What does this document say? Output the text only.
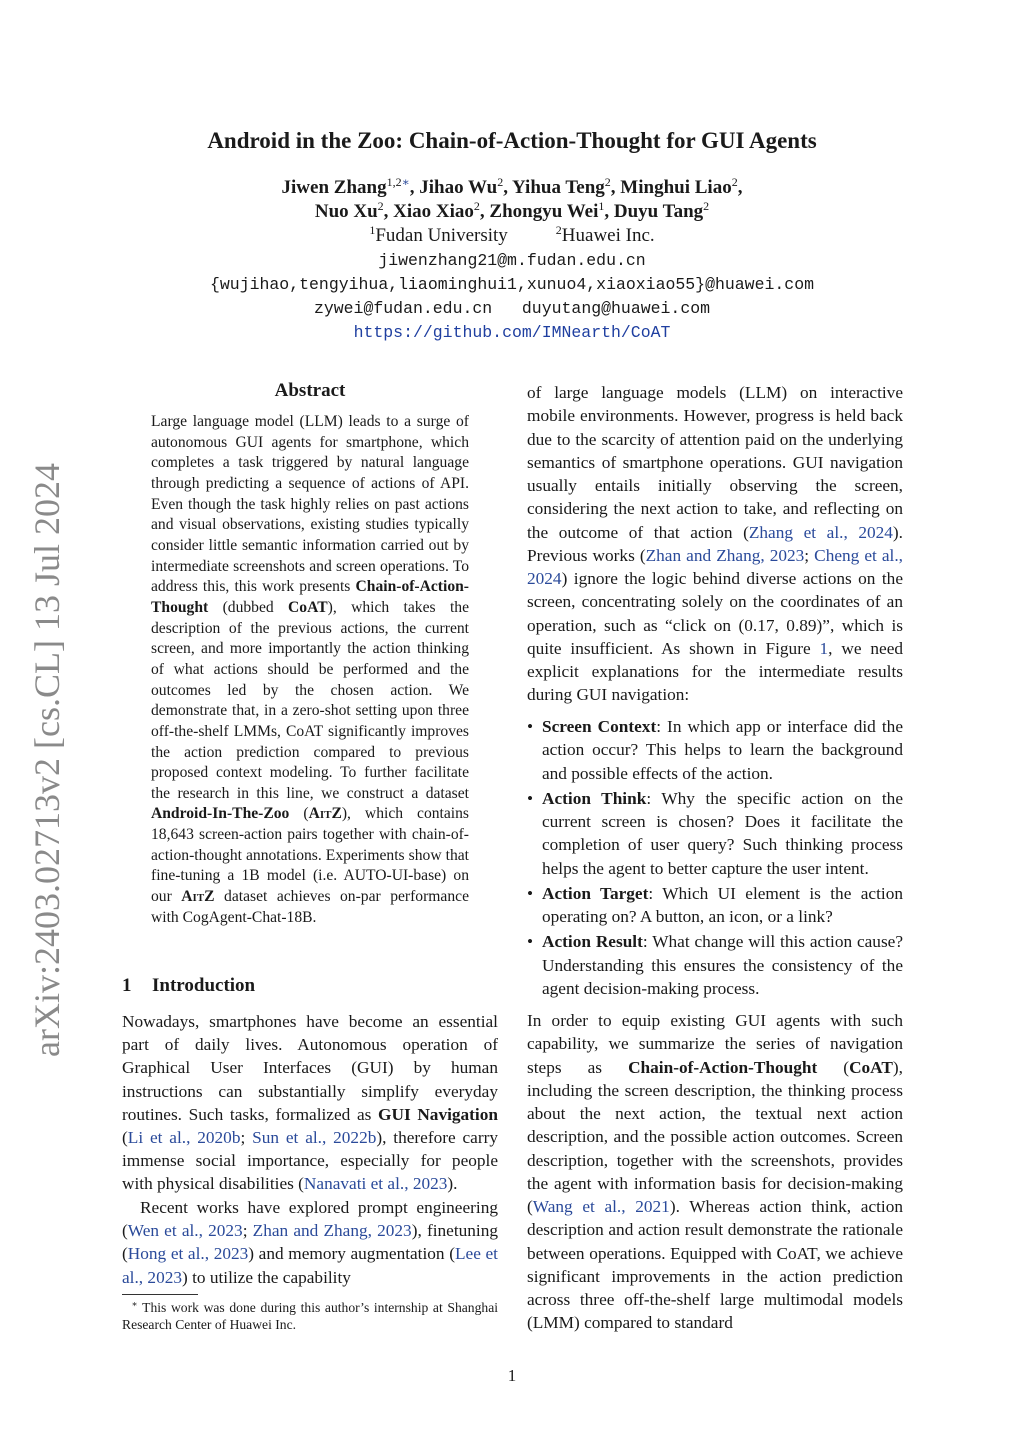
arXiv:2403.02713v2 [cs.CL] 13 Jul 2024
Android in the Zoo: Chain-of-Action-Thought for GUI Agents
Jiwen Zhang$^{1,2∗}$, Jihao Wu$^2$, Yihua Teng$^2$, Minghui Liao$^2$,
Nuo Xu$^2$, Xiao Xiao$^2$, Zhongyu Wei$^1$, Duyu Tang$^2$
$^1$Fudan University	$^2$Huawei Inc.
jiwenzhang21@m.fudan.edu.cn
{wujihao,tengyihua,liaominghui1,xunuo4,xiaoxiao55}@huawei.com
zywei@fudan.edu.cn duyutang@huawei.com
https://github.com/IMNearth/CoAT
Abstract
Large language model (LLM) leads to a surge of autonomous GUI agents for smartphone, which completes a task triggered by natural language through predicting a sequence of actions of API. Even though the task highly relies on past actions and visual observations, existing studies typically consider little semantic information carried out by intermediate screenshots and screen operations. To address this, this work presents Chain-of-Action-Thought (dubbed CoAT), which takes the description of the previous actions, the current screen, and more importantly the action thinking of what actions should be performed and the outcomes led by the chosen action. We demonstrate that, in a zero-shot setting upon three off-the-shelf LMMs, CoAT significantly improves the action prediction compared to previous proposed context modeling. To further facilitate the research in this line, we construct a dataset Android-In-The-Zoo (AitZ), which contains 18,643 screen-action pairs together with chain-of-action-thought annotations. Experiments show that fine-tuning a 1B model (i.e. AUTO-UI-base) on our AitZ dataset achieves on-par performance with CogAgent-Chat-18B.
1 Introduction
Nowadays, smartphones have become an essential part of daily lives. Autonomous operation of Graphical User Interfaces (GUI) by human instructions can substantially simplify everyday routines. Such tasks, formalized as GUI Navigation (Li et al., 2020b; Sun et al., 2022b), therefore carry immense social importance, especially for people with physical disabilities (Nanavati et al., 2023).
Recent works have explored prompt engineering (Wen et al., 2023; Zhan and Zhang, 2023), finetuning (Hong et al., 2023) and memory augmentation (Lee et al., 2023) to utilize the capability
∗ This work was done during this author’s internship at Shanghai Research Center of Huawei Inc.
of large language models (LLM) on interactive mobile environments. However, progress is held back due to the scarcity of attention paid on the underlying semantics of smartphone operations. GUI navigation usually entails initially observing the screen, considering the next action to take, and reflecting on the outcome of that action (Zhang et al., 2024). Previous works (Zhan and Zhang, 2023; Cheng et al., 2024) ignore the logic behind diverse actions on the screen, concentrating solely on the coordinates of an operation, such as “click on (0.17, 0.89)”, which is quite insufficient. As shown in Figure 1, we need explicit explanations for the intermediate results during GUI navigation:
• Screen Context: In which app or interface did the action occur? This helps to learn the background and possible effects of the action.
• Action Think: Why the specific action on the current screen is chosen? Does it facilitate the completion of user query? Such thinking process helps the agent to better capture the user intent.
• Action Target: Which UI element is the action operating on? A button, an icon, or a link?
• Action Result: What change will this action cause? Understanding this ensures the consistency of the agent decision-making process.
In order to equip existing GUI agents with such capability, we summarize the series of navigation steps as Chain-of-Action-Thought (CoAT), including the screen description, the thinking process about the next action, the textual next action description, and the possible action outcomes. Screen description, together with the screenshots, provides the agent with information basis for decision-making (Wang et al., 2021). Whereas action think, action description and action result demonstrate the rationale between operations. Equipped with CoAT, we achieve significant improvements in the action prediction across three off-the-shelf large multimodal models (LMM) compared to standard
1
